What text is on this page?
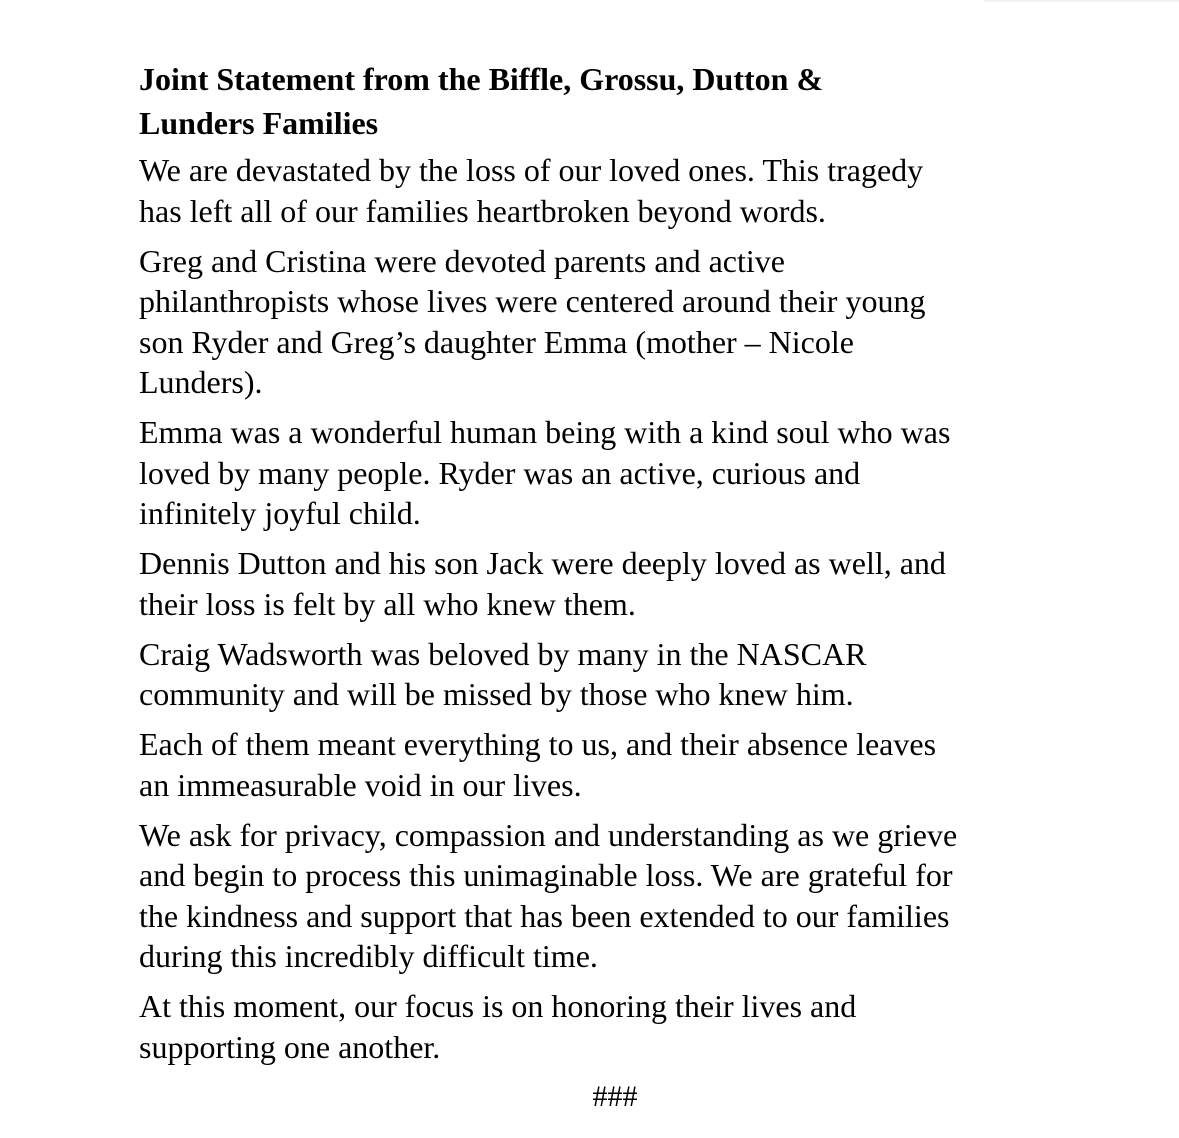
Joint Statement from the Biffle, Grossu, Dutton &
Lunders Families
We are devastated by the loss of our loved ones. This tragedy
has left all of our families heartbroken beyond words.
Greg and Cristina were devoted parents and active
philanthropists whose lives were centered around their young
son Ryder and Greg’s daughter Emma (mother – Nicole
Lunders).
Emma was a wonderful human being with a kind soul who was
loved by many people. Ryder was an active, curious and
infinitely joyful child.
Dennis Dutton and his son Jack were deeply loved as well, and
their loss is felt by all who knew them.
Craig Wadsworth was beloved by many in the NASCAR
community and will be missed by those who knew him.
Each of them meant everything to us, and their absence leaves
an immeasurable void in our lives.
We ask for privacy, compassion and understanding as we grieve
and begin to process this unimaginable loss. We are grateful for
the kindness and support that has been extended to our families
during this incredibly difficult time.
At this moment, our focus is on honoring their lives and
supporting one another.
###
